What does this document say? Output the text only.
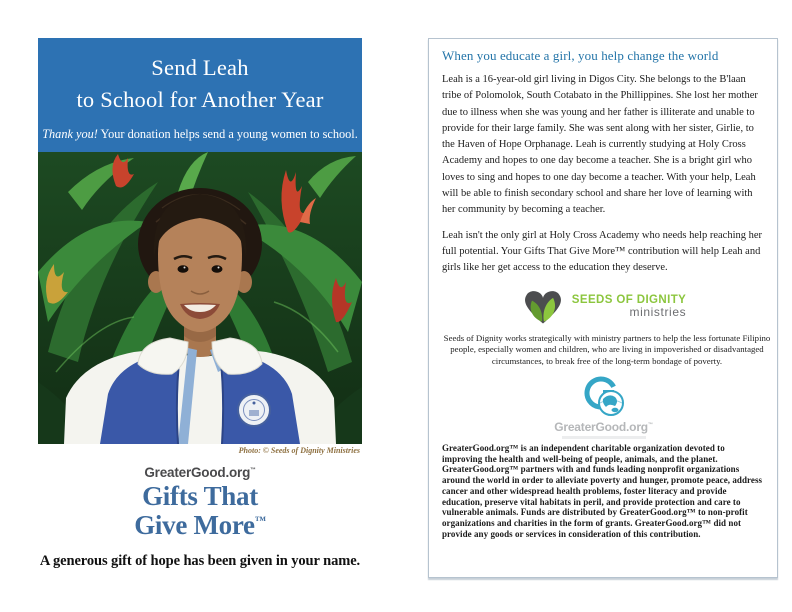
Send Leah
to School for Another Year
Thank you! Your donation helps send a young women to school.
Photo: © Seeds of Dignity Ministries
GreaterGood.org™
Gifts That
Give More™
A generous gift of hope has been given in your name.
When you educate a girl, you help change the world

Leah is a 16-year-old girl living in Digos City. She belongs to the B'laan tribe of Polomolok, South Cotabato in the Phillippines. She lost her mother due to illness when she was young and her father is illiterate and unable to provide for their large family. She was sent along with her sister, Girlie, to the Haven of Hope Orphanage. Leah is currently studying at Holy Cross Academy and hopes to one day become a teacher. She is a bright girl who loves to sing and hopes to one day become a teacher. With your help, Leah will be able to finish secondary school and share her love of learning with her community by becoming a teacher.

Leah isn't the only girl at Holy Cross Academy who needs help reaching her full potential. Your Gifts That Give More™ contribution will help Leah and girls like her get access to the education they deserve.

SEEDS OF DIGNITY
ministries

Seeds of Dignity works strategically with ministry partners to help the less fortunate Filipino people, especially women and children, who are living in impoverished or disadvantaged circumstances, to break free of the long-term bondage of poverty.

GreaterGood.org™

GreaterGood.org™ is an independent charitable organization devoted to improving the health and well-being of people, animals, and the planet. GreaterGood.org™ partners with and funds leading nonprofit organizations around the world in order to alleviate poverty and hunger, promote peace, address cancer and other widespread health problems, foster literacy and provide education, preserve vital habitats in peril, and provide protection and care to vulnerable animals. Funds are distributed by GreaterGood.org™ to non-profit organizations and charities in the form of grants. GreaterGood.org™ did not provide any goods or services in consideration of this contribution.
